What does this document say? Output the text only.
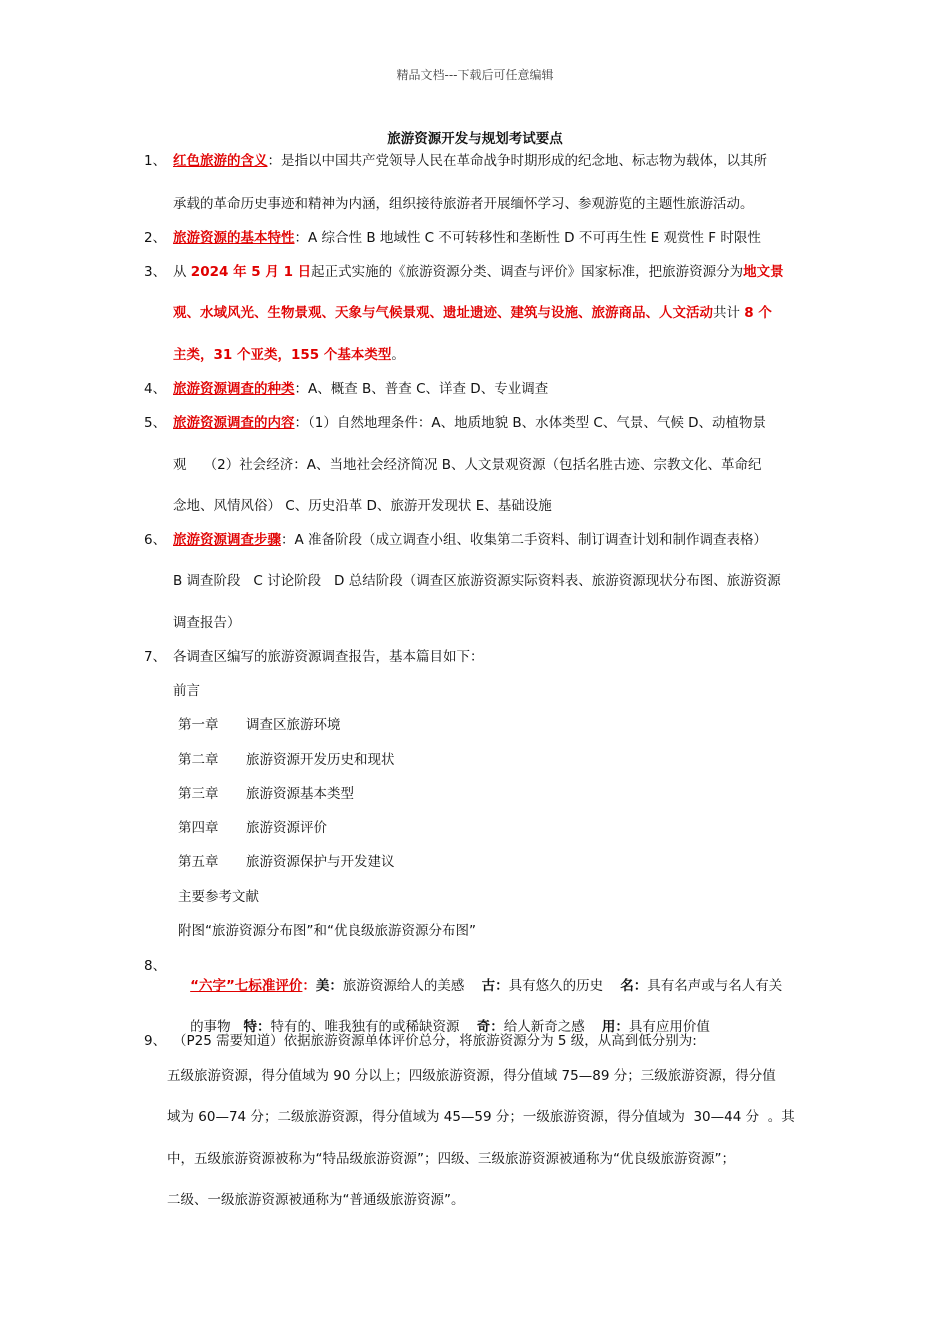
精品文档---下载后可任意编辑
旅游资源开发与规划考试要点
1、 红色旅游的含义：是指以中国共产党领导人民在革命战争时期形成的纪念地、标志物为载体，以其所
承载的革命历史事迹和精神为内涵，组织接待旅游者开展缅怀学习、参观游览的主题性旅游活动。
2、 旅游资源的基本特性：A 综合性 B 地域性 C 不可转移性和垄断性 D 不可再生性 E 观赏性 F 时限性
3、 从 2024 年 5 月 1 日起正式实施的《旅游资源分类、调查与评价》国家标准，把旅游资源分为地文景
观、水域风光、生物景观、天象与气候景观、遗址遗迹、建筑与设施、旅游商品、人文活动共计 8 个
主类，31 个亚类，155 个基本类型。
4、 旅游资源调查的种类：A、概查 B、普查 C、详查 D、专业调查
5、 旅游资源调查的内容：（1）自然地理条件：A、地质地貌 B、水体类型 C、气景、气候 D、动植物景
观    （2）社会经济：A、当地社会经济简况 B、人文景观资源（包括名胜古迹、宗教文化、革命纪
念地、风情风俗） C、历史沿革 D、旅游开发现状 E、基础设施
6、 旅游资源调查步骤：A 准备阶段（成立调查小组、收集第二手资料、制订调查计划和制作调查表格）
B 调查阶段   C 讨论阶段   D 总结阶段（调查区旅游资源实际资料表、旅游资源现状分布图、旅游资源
调查报告）
7、 各调查区编写的旅游资源调查报告，基本篇目如下：
前言
第一章 调查区旅游环境
第二章 旅游资源开发历史和现状
第三章 旅游资源基本类型
第四章 旅游资源评价
第五章 旅游资源保护与开发建议
主要参考文献
附图“旅游资源分布图”和“优良级旅游资源分布图”
8、

“六字”七标准评价：美：旅游资源给人的美感    古：具有悠久的历史    名：具有名声或与名人有关

的事物   特：特有的、唯我独有的或稀缺资源    奇：给人新奇之感    用：具有应用价值

9、 （P25 需要知道）依据旅游资源单体评价总分，将旅游资源分为 5 级，从高到低分别为:
五级旅游资源，得分值域为 90 分以上；四级旅游资源，得分值域 75—89 分；三级旅游资源，得分值
域为 60—74 分；二级旅游资源，得分值域为 45—59 分；一级旅游资源，得分值域为  30—44 分  。其
中，五级旅游资源被称为“特品级旅游资源”；四级、三级旅游资源被通称为“优良级旅游资源”；
二级、一级旅游资源被通称为“普通级旅游资源”。
